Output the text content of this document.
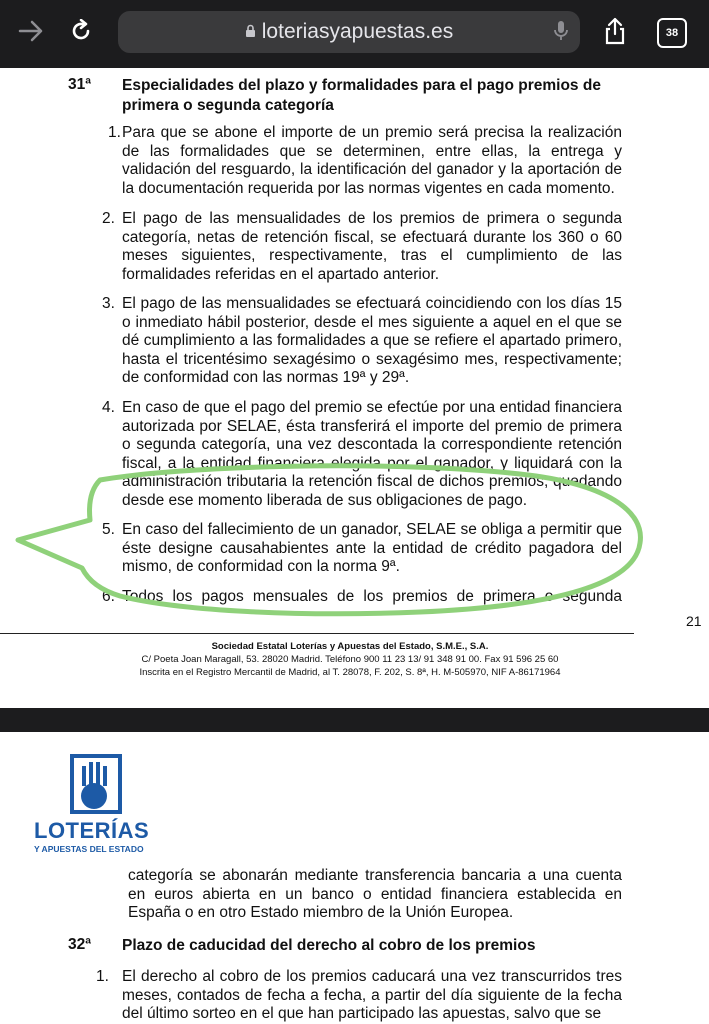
loteriasyapuestas.es	38
31ª Especialidades del plazo y formalidades para el pago premios de primera o segunda categoría
1. Para que se abone el importe de un premio será precisa la realización de las formalidades que se determinen, entre ellas, la entrega y validación del resguardo, la identificación del ganador y la aportación de la documentación requerida por las normas vigentes en cada momento.
2. El pago de las mensualidades de los premios de primera o segunda categoría, netas de retención fiscal, se efectuará durante los 360 o 60 meses siguientes, respectivamente, tras el cumplimiento de las formalidades referidas en el apartado anterior.
3. El pago de las mensualidades se efectuará coincidiendo con los días 15 o inmediato hábil posterior, desde el mes siguiente a aquel en el que se dé cumplimiento a las formalidades a que se refiere el apartado primero, hasta el tricentésimo sexagésimo o sexagésimo mes, respectivamente; de conformidad con las normas 19ª y 29ª.
4. En caso de que el pago del premio se efectúe por una entidad financiera autorizada por SELAE, ésta transferirá el importe del premio de primera o segunda categoría, una vez descontada la correspondiente retención fiscal, a la entidad financiera elegida por el ganador, y liquidará con la administración tributaria la retención fiscal de dichos premios, quedando desde ese momento liberada de sus obligaciones de pago.
5. En caso del fallecimiento de un ganador, SELAE se obliga a permitir que éste designe causahabientes ante la entidad de crédito pagadora del mismo, de conformidad con la norma 9ª.
6. Todos los pagos mensuales de los premios de primera o segunda
21
Sociedad Estatal Loterías y Apuestas del Estado, S.M.E., S.A.
C/ Poeta Joan Maragall, 53. 28020 Madrid. Teléfono 900 11 23 13/ 91 348 91 00. Fax 91 596 25 60
Inscrita en el Registro Mercantil de Madrid, al T. 28078, F. 202, S. 8ª, H. M-505970, NIF A-86171964
LOTERÍAS
Y APUESTAS DEL ESTADO
categoría se abonarán mediante transferencia bancaria a una cuenta en euros abierta en un banco o entidad financiera establecida en España o en otro Estado miembro de la Unión Europea.
32ª Plazo de caducidad del derecho al cobro de los premios
1. El derecho al cobro de los premios caducará una vez transcurridos tres meses, contados de fecha a fecha, a partir del día siguiente de la fecha del último sorteo en el que han participado las apuestas, salvo que se
